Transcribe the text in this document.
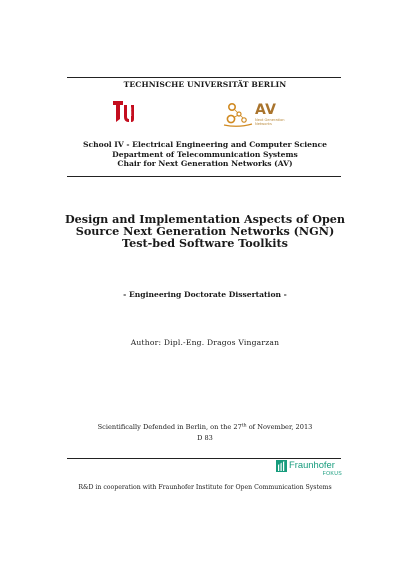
TECHNISCHE UNIVERSITÄT BERLIN
berlin	AV
Next Generation Networks
School IV - Electrical Engineering and Computer Science
Department of Telecommunication Systems
Chair for Next Generation Networks (AV)
Design and Implementation Aspects of Open
Source Next Generation Networks (NGN)
Test-bed Software Toolkits
- Engineering Doctorate Dissertation -
Author: Dipl.-Eng. Dragos Vingarzan
Scientifically Defended in Berlin, on the 27th of November, 2013
D 83
Fraunhofer
FOKUS
R&D in cooperation with Fraunhofer Institute for Open Communication Systems
